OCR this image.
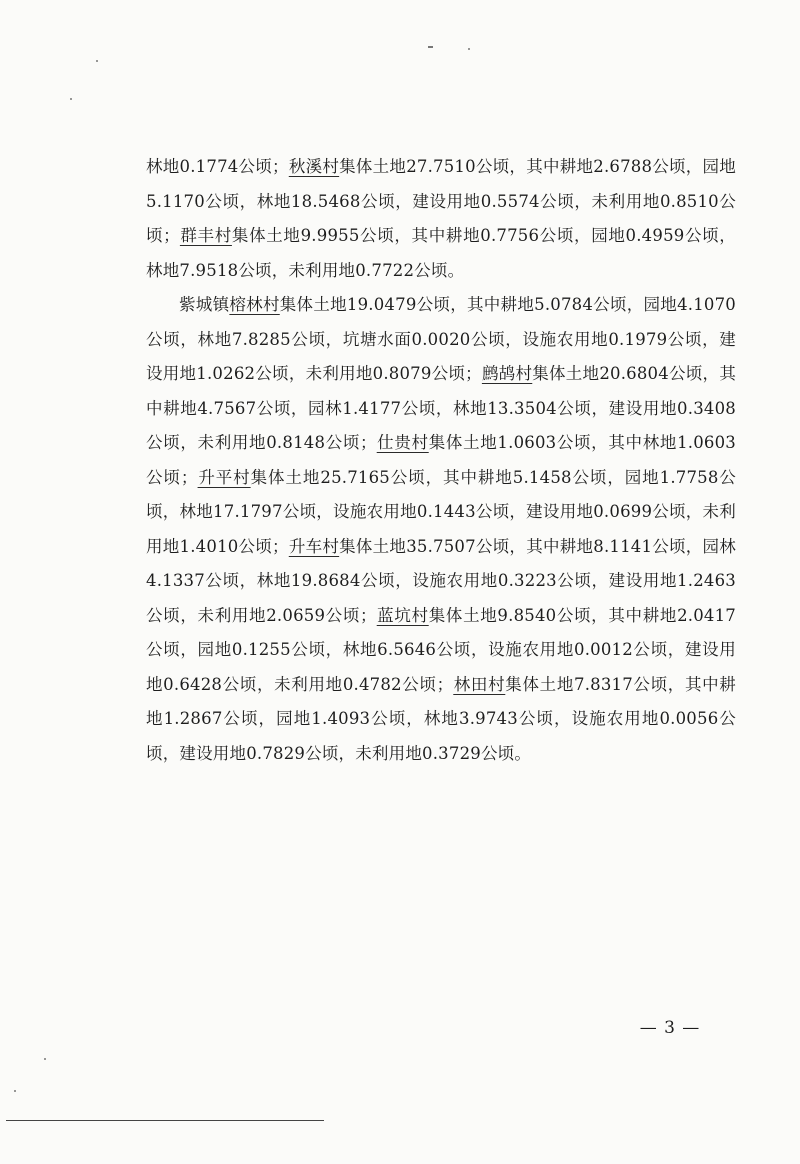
林地0.1774公顷；秋溪村集体土地27.7510公顷，其中耕地2.6788公顷，园地5.1170公顷，林地18.5468公顷，建设用地0.5574公顷，未利用地0.8510公顷；群丰村集体土地9.9955公顷，其中耕地0.7756公顷，园地0.4959公顷，林地7.9518公顷，未利用地0.7722公顷。

紫城镇榕林村集体土地19.0479公顷，其中耕地5.0784公顷，园地4.1070公顷，林地7.8285公顷，坑塘水面0.0020公顷，设施农用地0.1979公顷，建设用地1.0262公顷，未利用地0.8079公顷；鹧鸪村集体土地20.6804公顷，其中耕地4.7567公顷，园林1.4177公顷，林地13.3504公顷，建设用地0.3408公顷，未利用地0.8148公顷；仕贵村集体土地1.0603公顷，其中林地1.0603公顷；升平村集体土地25.7165公顷，其中耕地5.1458公顷，园地1.7758公顷，林地17.1797公顷，设施农用地0.1443公顷，建设用地0.0699公顷，未利用地1.4010公顷；升车村集体土地35.7507公顷，其中耕地8.1141公顷，园林4.1337公顷，林地19.8684公顷，设施农用地0.3223公顷，建设用地1.2463公顷，未利用地2.0659公顷；蓝坑村集体土地9.8540公顷，其中耕地2.0417公顷，园地0.1255公顷，林地6.5646公顷，设施农用地0.0012公顷，建设用地0.6428公顷，未利用地0.4782公顷；林田村集体土地7.8317公顷，其中耕地1.2867公顷，园地1.4093公顷，林地3.9743公顷，设施农用地0.0056公顷，建设用地0.7829公顷，未利用地0.3729公顷。

— 3 —
